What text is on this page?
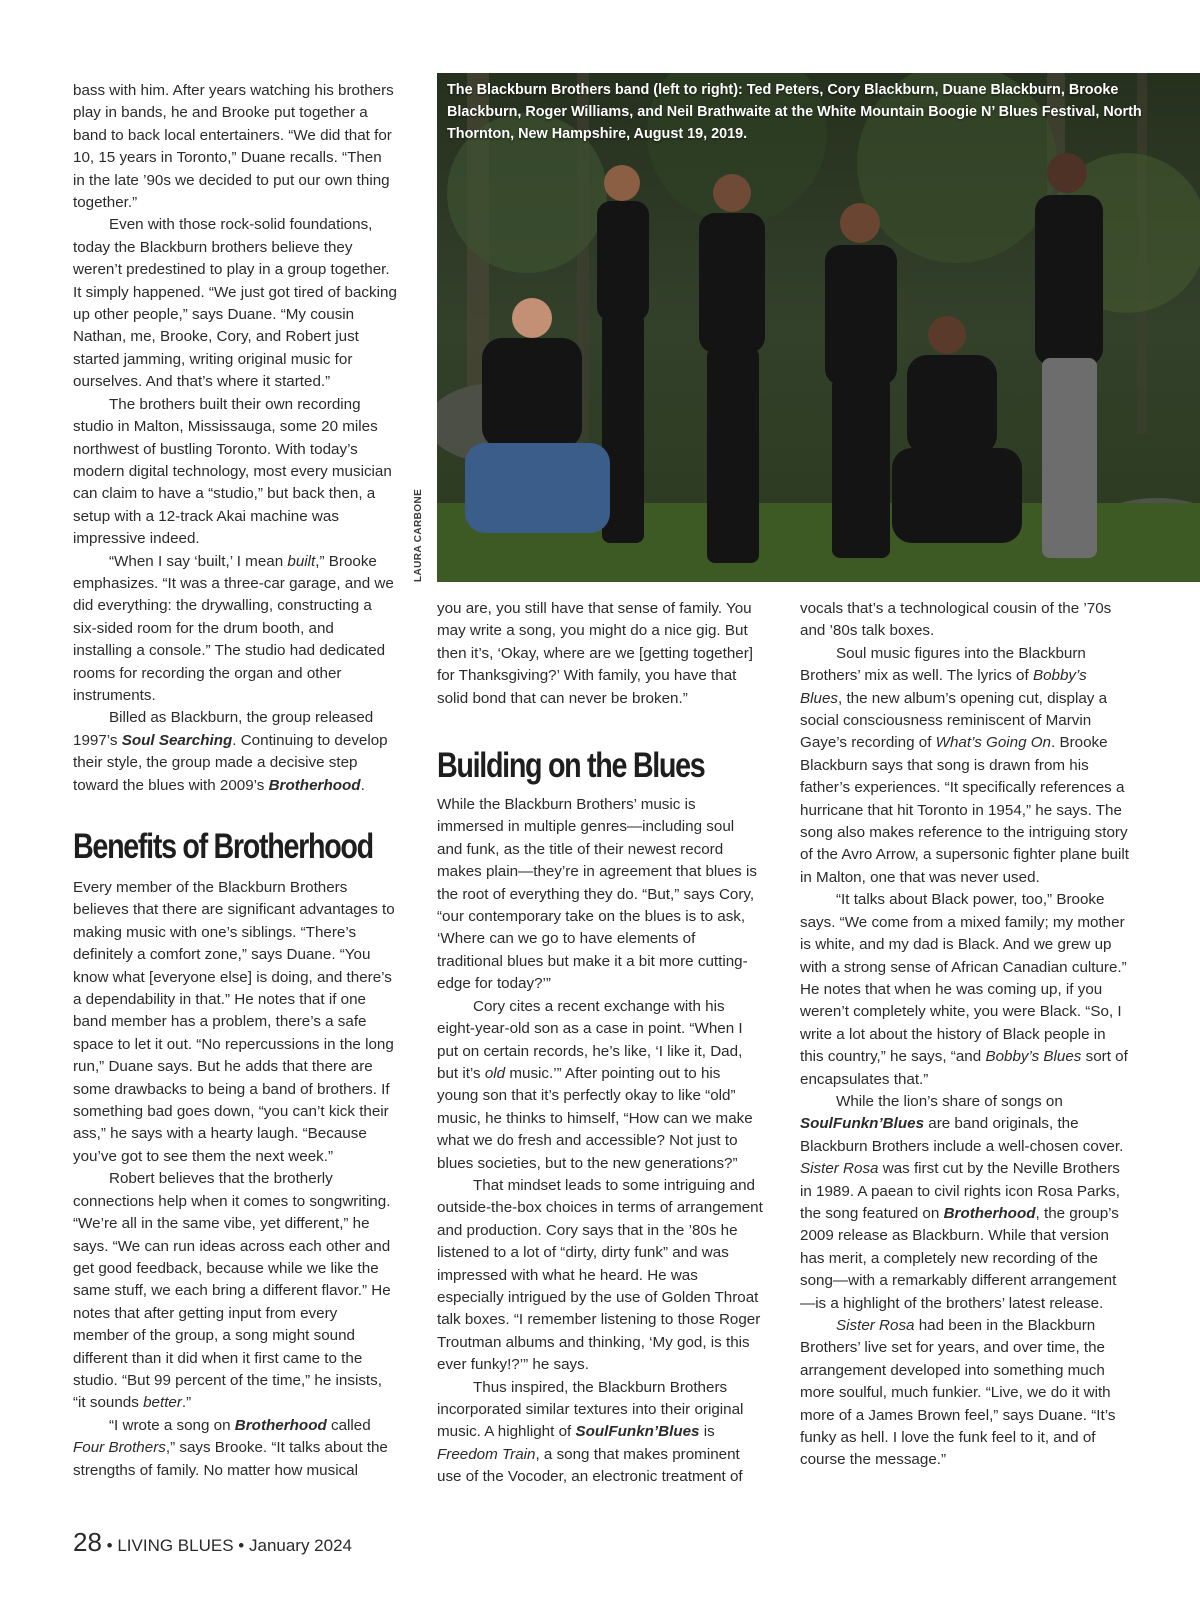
The Blackburn Brothers band (left to right): Ted Peters, Cory Blackburn, Duane Blackburn, Brooke Blackburn, Roger Williams, and Neil Brathwaite at the White Mountain Boogie N’ Blues Festival, North Thornton, New Hampshire, August 19, 2019.
LAURA CARBONE

bass with him. After years watching his brothers play in bands, he and Brooke put together a band to back local entertainers. “We did that for 10, 15 years in Toronto,” Duane recalls. “Then in the late ’90s we decided to put our own thing together.”

Even with those rock-solid foundations, today the Blackburn brothers believe they weren’t predestined to play in a group together. It simply happened. “We just got tired of backing up other people,” says Duane. “My cousin Nathan, me, Brooke, Cory, and Robert just started jamming, writing original music for ourselves. And that’s where it started.”

The brothers built their own recording studio in Malton, Mississauga, some 20 miles northwest of bustling Toronto. With today’s modern digital technology, most every musician can claim to have a “studio,” but back then, a setup with a 12-track Akai machine was impressive indeed.

“When I say ‘built,’ I mean built,” Brooke emphasizes. “It was a three-car garage, and we did everything: the drywalling, constructing a six-sided room for the drum booth, and installing a console.” The studio had dedicated rooms for recording the organ and other instruments.

Billed as Blackburn, the group released 1997’s Soul Searching. Continuing to develop their style, the group made a decisive step toward the blues with 2009’s Brotherhood.

Benefits of Brotherhood

Every member of the Blackburn Brothers believes that there are significant advantages to making music with one’s siblings. “There’s definitely a comfort zone,” says Duane. “You know what [everyone else] is doing, and there’s a dependability in that.” He notes that if one band member has a problem, there’s a safe space to let it out. “No repercussions in the long run,” Duane says. But he adds that there are some drawbacks to being a band of brothers. If something bad goes down, “you can’t kick their ass,” he says with a hearty laugh. “Because you’ve got to see them the next week.”

Robert believes that the brotherly connections help when it comes to songwriting. “We’re all in the same vibe, yet different,” he says. “We can run ideas across each other and get good feedback, because while we like the same stuff, we each bring a different flavor.” He notes that after getting input from every member of the group, a song might sound different than it did when it first came to the studio. “But 99 percent of the time,” he insists, “it sounds better.”

“I wrote a song on Brotherhood called Four Brothers,” says Brooke. “It talks about the strengths of family. No matter how musical

you are, you still have that sense of family. You may write a song, you might do a nice gig. But then it’s, ‘Okay, where are we [getting together] for Thanksgiving?’ With family, you have that solid bond that can never be broken.”

Building on the Blues

While the Blackburn Brothers’ music is immersed in multiple genres—including soul and funk, as the title of their newest record makes plain—they’re in agreement that blues is the root of everything they do. “But,” says Cory, “our contemporary take on the blues is to ask, ‘Where can we go to have elements of traditional blues but make it a bit more cutting-edge for today?’”

Cory cites a recent exchange with his eight-year-old son as a case in point. “When I put on certain records, he’s like, ‘I like it, Dad, but it’s old music.’” After pointing out to his young son that it’s perfectly okay to like “old” music, he thinks to himself, “How can we make what we do fresh and accessible? Not just to blues societies, but to the new generations?”

That mindset leads to some intriguing and outside-the-box choices in terms of arrangement and production. Cory says that in the ’80s he listened to a lot of “dirty, dirty funk” and was impressed with what he heard. He was especially intrigued by the use of Golden Throat talk boxes. “I remember listening to those Roger Troutman albums and thinking, ‘My god, is this ever funky!?’” he says.

Thus inspired, the Blackburn Brothers incorporated similar textures into their original music. A highlight of SoulFunkn’Blues is Freedom Train, a song that makes prominent use of the Vocoder, an electronic treatment of

vocals that’s a technological cousin of the ’70s and ’80s talk boxes.

Soul music figures into the Blackburn Brothers’ mix as well. The lyrics of Bobby’s Blues, the new album’s opening cut, display a social consciousness reminiscent of Marvin Gaye’s recording of What’s Going On. Brooke Blackburn says that song is drawn from his father’s experiences. “It specifically references a hurricane that hit Toronto in 1954,” he says. The song also makes reference to the intriguing story of the Avro Arrow, a supersonic fighter plane built in Malton, one that was never used.

“It talks about Black power, too,” Brooke says. “We come from a mixed family; my mother is white, and my dad is Black. And we grew up with a strong sense of African Canadian culture.” He notes that when he was coming up, if you weren’t completely white, you were Black. “So, I write a lot about the history of Black people in this country,” he says, “and Bobby’s Blues sort of encapsulates that.”

While the lion’s share of songs on SoulFunkn’Blues are band originals, the Blackburn Brothers include a well-chosen cover. Sister Rosa was first cut by the Neville Brothers in 1989. A paean to civil rights icon Rosa Parks, the song featured on Brotherhood, the group’s 2009 release as Blackburn. While that version has merit, a completely new recording of the song—with a remarkably different arrangement—is a highlight of the brothers’ latest release.

Sister Rosa had been in the Blackburn Brothers’ live set for years, and over time, the arrangement developed into something much more soulful, much funkier. “Live, we do it with more of a James Brown feel,” says Duane. “It’s funky as hell. I love the funk feel to it, and of course the message.”

28 • LIVING BLUES • January 2024
